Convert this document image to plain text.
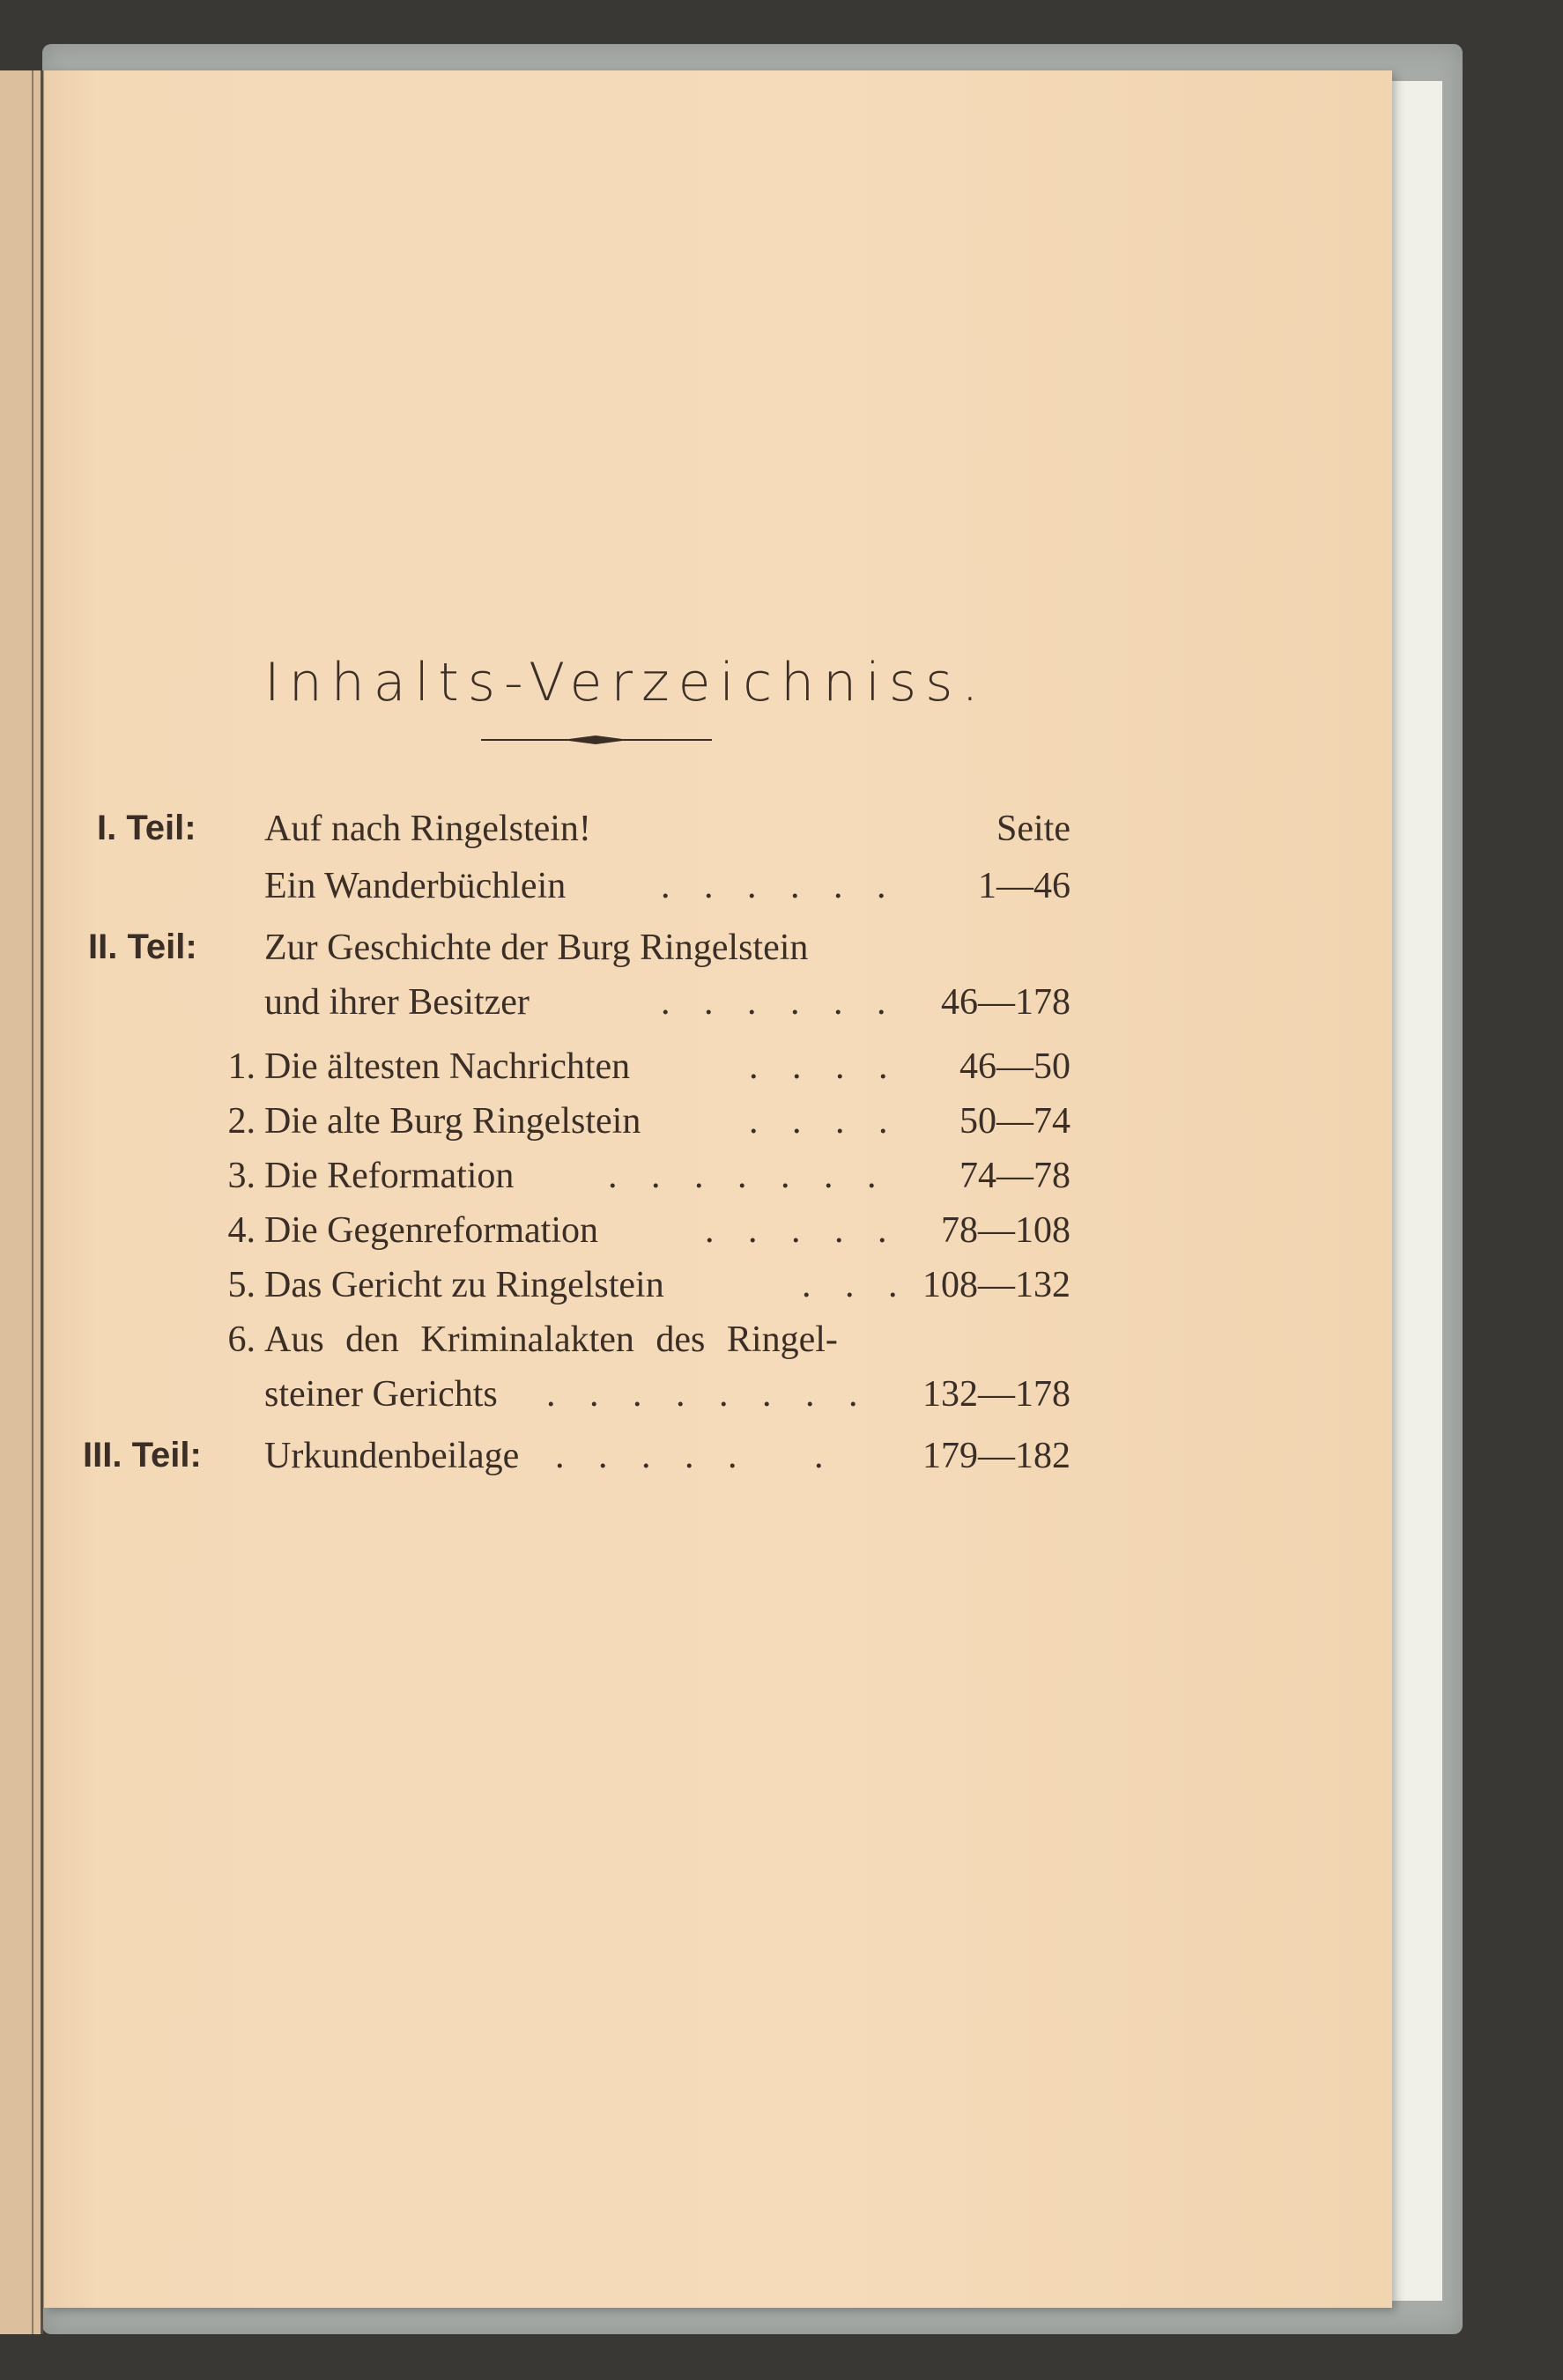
Inhalts-Verzeichniss.
I. Teil: Auf nach Ringelstein!	Seite
Ein Wanderbüchlein	. . . . . .	1—46
II. Teil: Zur Geschichte der Burg Ringelstein
und ihrer Besitzer	. . . . . .	46—178
1. Die ältesten Nachrichten	. . . .	46—50
2. Die alte Burg Ringelstein	. . . .	50—74
3. Die Reformation	. . . . . . .	74—78
4. Die Gegenreformation	. . . . .	78—108
5. Das Gericht zu Ringelstein	. . . 108—132
6. Aus den Kriminalakten des Ringel-
steiner Gerichts . . . . . . . .	132—178
III. Teil: Urkundenbeilage . . . . .   .	179—182
